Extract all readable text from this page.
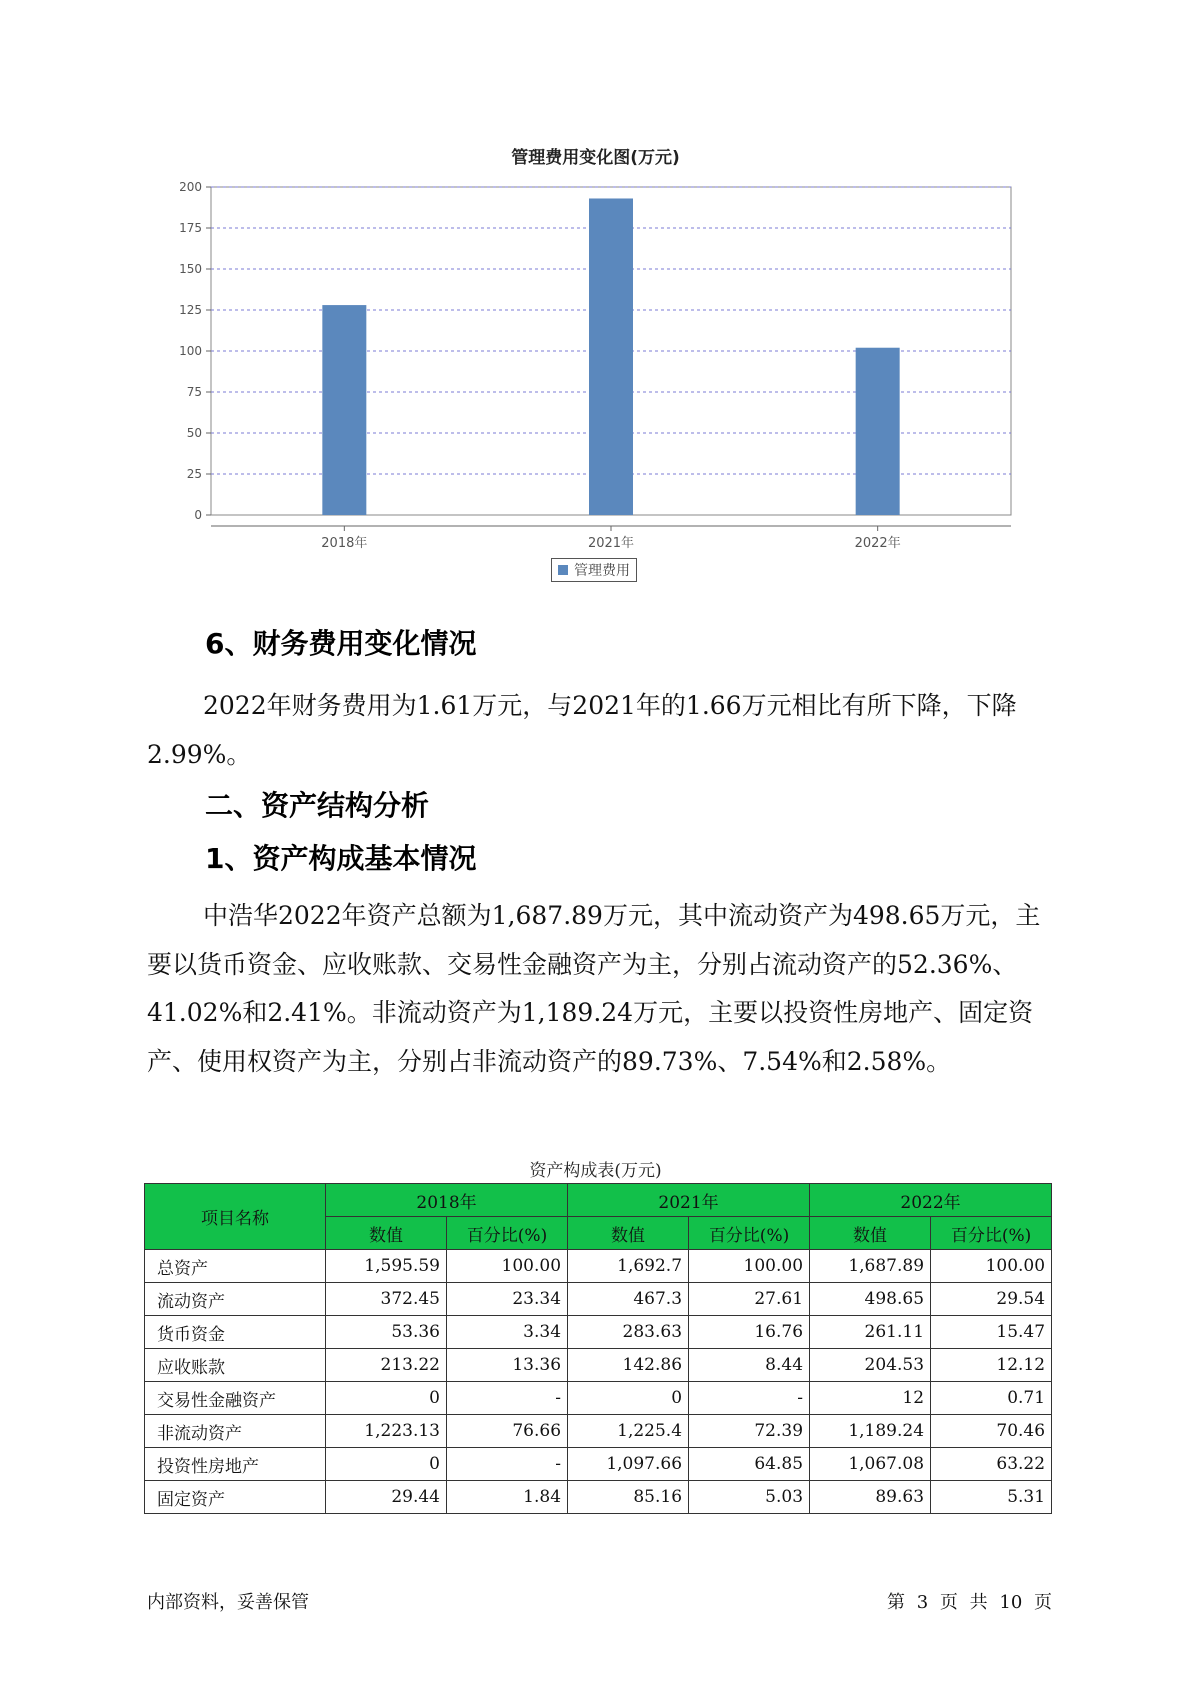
管理费用变化图(万元)
0
25
50
75
100
125
150
175
200
2018年	2021年	2022年
管理费用
6、财务费用变化情况

2022年财务费用为1.61万元，与2021年的1.66万元相比有所下降，下降2.99%。

二、资产结构分析
1、资产构成基本情况

中浩华2022年资产总额为1,687.89万元，其中流动资产为498.65万元，主要以货币资金、应收账款、交易性金融资产为主，分别占流动资产的52.36%、41.02%和2.41%。非流动资产为1,189.24万元，主要以投资性房地产、固定资产、使用权资产为主，分别占非流动资产的89.73%、7.54%和2.58%。

资产构成表(万元)
项目名称	2018年		2021年		2022年	
	数值	百分比(%)	数值	百分比(%)	数值	百分比(%)
总资产	1,595.59	100.00	1,692.7	100.00	1,687.89	100.00
流动资产	372.45	23.34	467.3	27.61	498.65	29.54
货币资金	53.36	3.34	283.63	16.76	261.11	15.47
应收账款	213.22	13.36	142.86	8.44	204.53	12.12
交易性金融资产	0	-	0	-	12	0.71
非流动资产	1,223.13	76.66	1,225.4	72.39	1,189.24	70.46
投资性房地产	0	-	1,097.66	64.85	1,067.08	63.22
固定资产	29.44	1.84	85.16	5.03	89.63	5.31
内部资料，妥善保管	第 3 页 共 10 页
